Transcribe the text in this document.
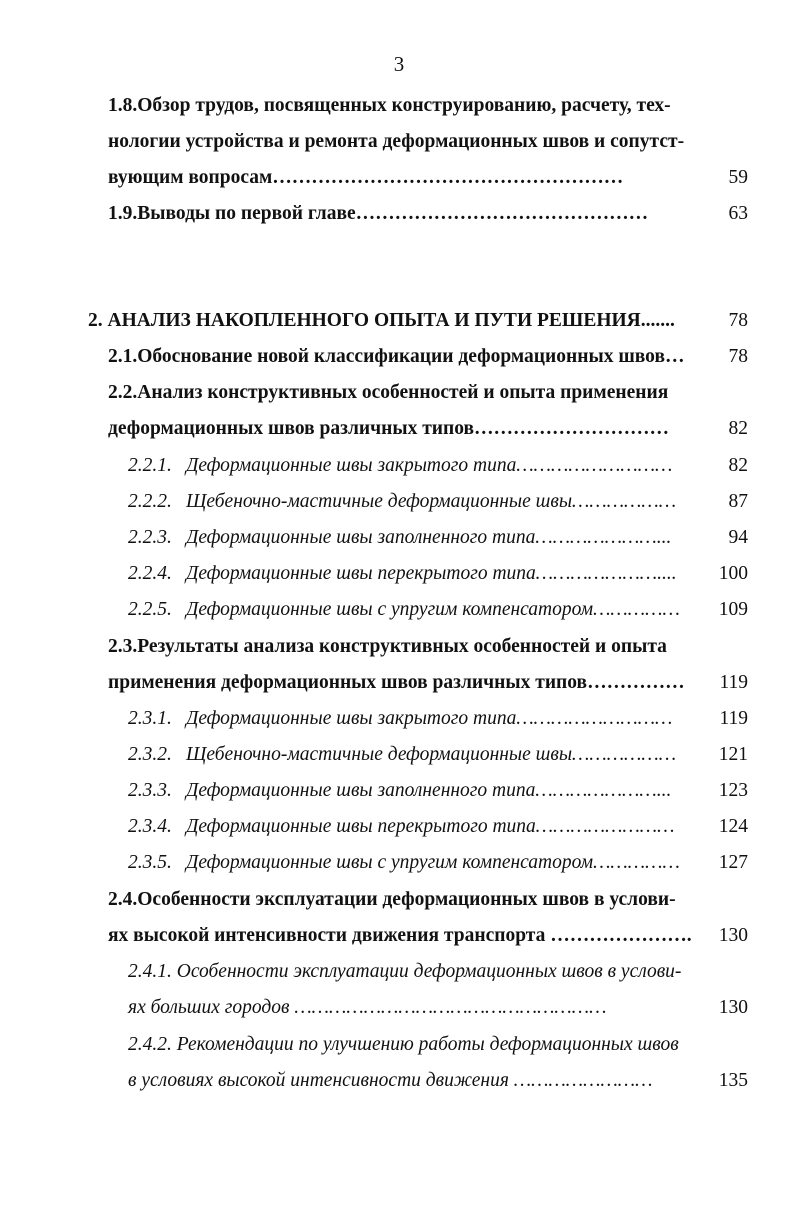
3
1.8.Обзор трудов, посвященных конструированию, расчету, тех-
нологии устройства и ремонта деформационных швов и сопутст-
вующим вопросам………………………………………………	59
1.9.Выводы по первой главе………………………………………	63
2. АНАЛИЗ НАКОПЛЕННОГО ОПЫТА И ПУТИ РЕШЕНИЯ.......	78
2.1.Обоснование новой классификации деформационных швов… 78
2.2.Анализ конструктивных особенностей и опыта применения
деформационных швов различных типов…………………………	82
2.2.1. Деформационные швы закрытого типа………………………	82
2.2.2. Щебеночно-мастичные деформационные швы………………	87
2.2.3. Деформационные швы заполненного типа…………………...	94
2.2.4. Деформационные швы перекрытого типа………………….... 100
2.2.5. Деформационные швы с упругим компенсатором…………… 109
2.3.Результаты анализа конструктивных особенностей и опыта
применения деформационных швов различных типов…………… 119
2.3.1. Деформационные швы закрытого типа……………………… 119
2.3.2. Щебеночно-мастичные деформационные швы……………… 121
2.3.3. Деформационные швы заполненного типа…………………... 123
2.3.4. Деформационные швы перекрытого типа…………………… 124
2.3.5. Деформационные швы с упругим компенсатором…………… 127
2.4.Особенности эксплуатации деформационных швов в услови-
ях высокой интенсивности движения транспорта …………………. 130
2.4.1. Особенности эксплуатации деформационных швов в услови-
ях больших городов ………………………………………………	130
2.4.2. Рекомендации по улучшению работы деформационных швов
в условиях высокой интенсивности движения ……………………	135
